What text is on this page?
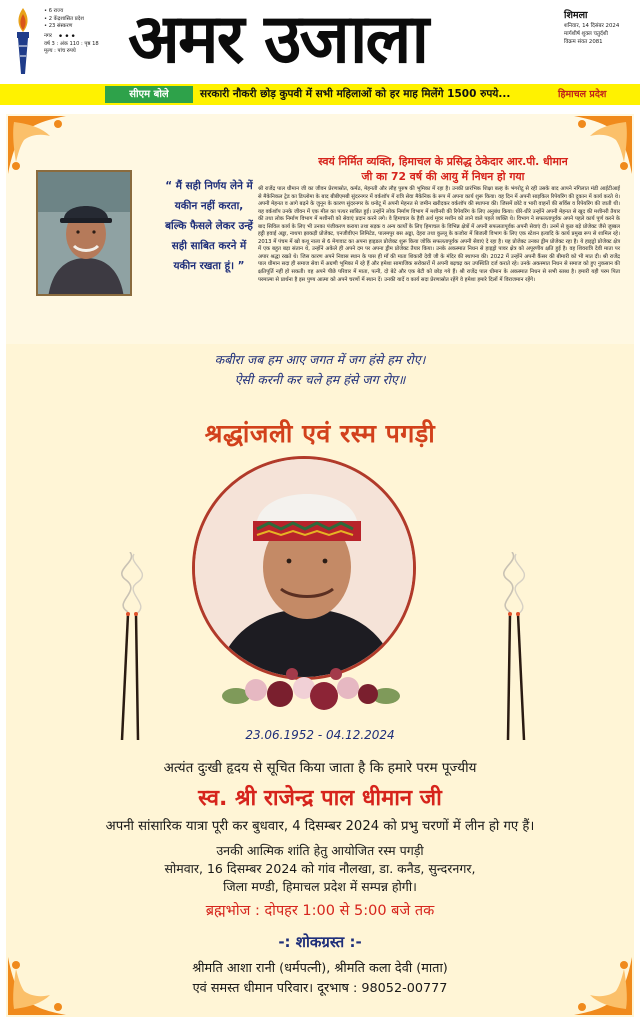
• 6 राज्य
• 2 केंद्रशासित प्रदेश
• 23 संस्करण
नगर •••
वर्ष 3 : अंक 110 : पृष्ठ 18
मूल्य : पांच रुपये अमर उजाला	शिमला
शनिवार, 14 दिसंबर 2024
मार्गशीर्ष शुक्ल चतुर्दशी
विक्रम संवत 2081
सीएम बोले	सरकारी नौकरी छोड़ कुपवी में सभी महिलाओं को हर माह मिलेंगे 1500 रुपये...	हिमाचल प्रदेश
“ मैं सही निर्णय लेने में
यकीन नहीं करता,
बल्कि फैसले लेकर उन्हें
सही साबित करने में
यकीन रखता हूं। ”
स्वयं निर्मित व्यक्ति, हिमाचल के प्रसिद्ध ठेकेदार आर.पी. धीमान
जी का 72 वर्ष की आयु में निधन हो गया
श्री राजेंद्र पाल धीमान जी का जीवन प्रेरणास्रोत, कर्मठ, मेहनती और लौह पुरुष की भूमिका में रहा है। उनकी प्रारंभिक शिक्षा बल्ह के भंगरोटू से रही उसके बाद आपने नगिलात मंडी आईटीआई से मैकेनिकल ट्रेड का डिप्लोमा के बाद बीबीएमबी सुंदरनगर में वर्कशॉप में रात्रि सेवा मैकेनिक के रूप में अपना कार्य शुरू किया। वह दिन में अपनी साइकिल रिपेयरिंग की दुकान में कार्य करते थे। अपनी मेहनत व आगे बढ़ने के जुनून के कारण सुंदरनगर के धनोटू में अपनी मेहनत से जमीन खरीदकर वर्कशॉप की स्थापना की। जिसमें छोटे व भारी वाहनों की सर्विस व रिपेयरिंग की जाती थी। यह वर्कशॉप उनके जीवन में एक मील का पत्थर साबित हुई। उन्होंने लोक निर्माण विभाग में मशीनरी की रिपेयरिंग के लिए अनुबंध किया। धीरे-धीरे उन्होंने अपनी मेहनत से खुद की मशीनरी तैयार की तथा लोक निर्माण विभाग में मशीनरी को सेवाएं प्रदान करने लगे। वे हिमाचल के हैवी अर्थ मूवर मशीन को लाने वाले पहले व्यक्ति थे। विभाग ने सफलतापूर्वक अपने पहले कार्य पूर्ण करने के बाद सिविल कार्य के लिए भी उनका पंजीकरण कराया तथा सड़क व अन्य कार्यों के लिए हिमाचल के विभिन्न क्षेत्रों में अपनी सफलतापूर्वक अपनी सेवाएं दी। उनमें से कुछ बड़े प्रोजेक्ट जैसे जुब्बल हट्टी हवाई अड्डा, नाथपा झाकड़ी प्रोजेक्ट, एनजीवीएन लिमिटेड, पालमपुर बस अड्डा, देहरा तथा कुल्लू के कजोरा में बिजली विभाग के लिए एक स्टेशन इत्यादि के कार्य प्रमुख रूप से शामिल रहे। 2013 में पंचम में खो कथू नाला से 6 मेगावाट का अपना हाइडल प्रोजेक्ट शुरू किया जोकि सफलतापूर्वक अपनी सेवाएं दे रहा है। यह प्रोजेक्ट उनका ड्रीम प्रोजेक्ट रहा है। ये हाइड्रो प्रोजेक्ट क्षेत्र में एक बहुत बड़ा संतान थे, उन्होंने अकेले ही अपने दम पर अपना ड्रीम प्रोजेक्ट तैयार किया। उनके अकस्मात निधन से हाइड्रो पावर क्षेत्र को अपूरणीय क्षति हुई है। वह शिवरात्रि देवी माता पर अपार श्रद्धा रखते थे। जिस कारण अपने निवास स्थान के पास ही माँ की माता शिकारी देवी जी के मंदिर की स्थापना की। 2022 में उन्होंने अपनी कैंसर की बीमारी को भी मात दी। श्री राजेंद्र पाल धीमान सदा ही समाज सेवा में अग्रणी भूमिका में रहे हैं और हमेशा सामाजिक सरोकारों में अपनी बढ़चढ़ कर उपस्थिति दर्ज कराते रहे। उनके अकस्मात निधन से समाज को हुए नुकसान की क्षतिपूर्ति नहीं हो सकती। वह अपने पीछे परिवार में माता, पत्नी, दो बेटे और एक बेटी को छोड़ गये हैं। श्री राजेंद्र पाल धीमान के अकस्मात निधन से सभी स्तब्ध है। हमारी यही परम पिता परमात्मा से प्रार्थना है इस पुण्य आत्मा को अपने चरणों में स्थान दें। उनकी यादें व कार्य सदा प्रेरणास्रोत रहेंगे वे हमेशा हमारे दिलों में विराजमान रहेंगे।
कबीरा जब हम आए जगत में जग हंसे हम रोए।
ऐसी करनी कर चले हम हंसे जग रोए॥
श्रद्धांजली एवं रस्म पगड़ी
23.06.1952 - 04.12.2024
अत्यंत दुःखी हृदय से सूचित किया जाता है कि हमारे परम पूज्यीय
स्व. श्री राजेन्द्र पाल धीमान जी
अपनी सांसारिक यात्रा पूरी कर बुधवार, 4 दिसम्बर 2024 को प्रभु चरणों में लीन हो गए हैं।
उनकी आत्मिक शांति हेतु आयोजित रस्म पगड़ी
सोमवार, 16 दिसम्बर 2024 को गांव नौलखा, डा. कनैड, सुन्दरनगर,
जिला मण्डी, हिमाचल प्रदेश में सम्पन्न होगी।
ब्रह्मभोज : दोपहर 1:00 से 5:00 बजे तक
-: शोकग्रस्त :-
श्रीमति आशा रानी (धर्मपत्नी), श्रीमति कला देवी (माता)
एवं समस्त धीमान परिवार। दूरभाष : 98052-00777
